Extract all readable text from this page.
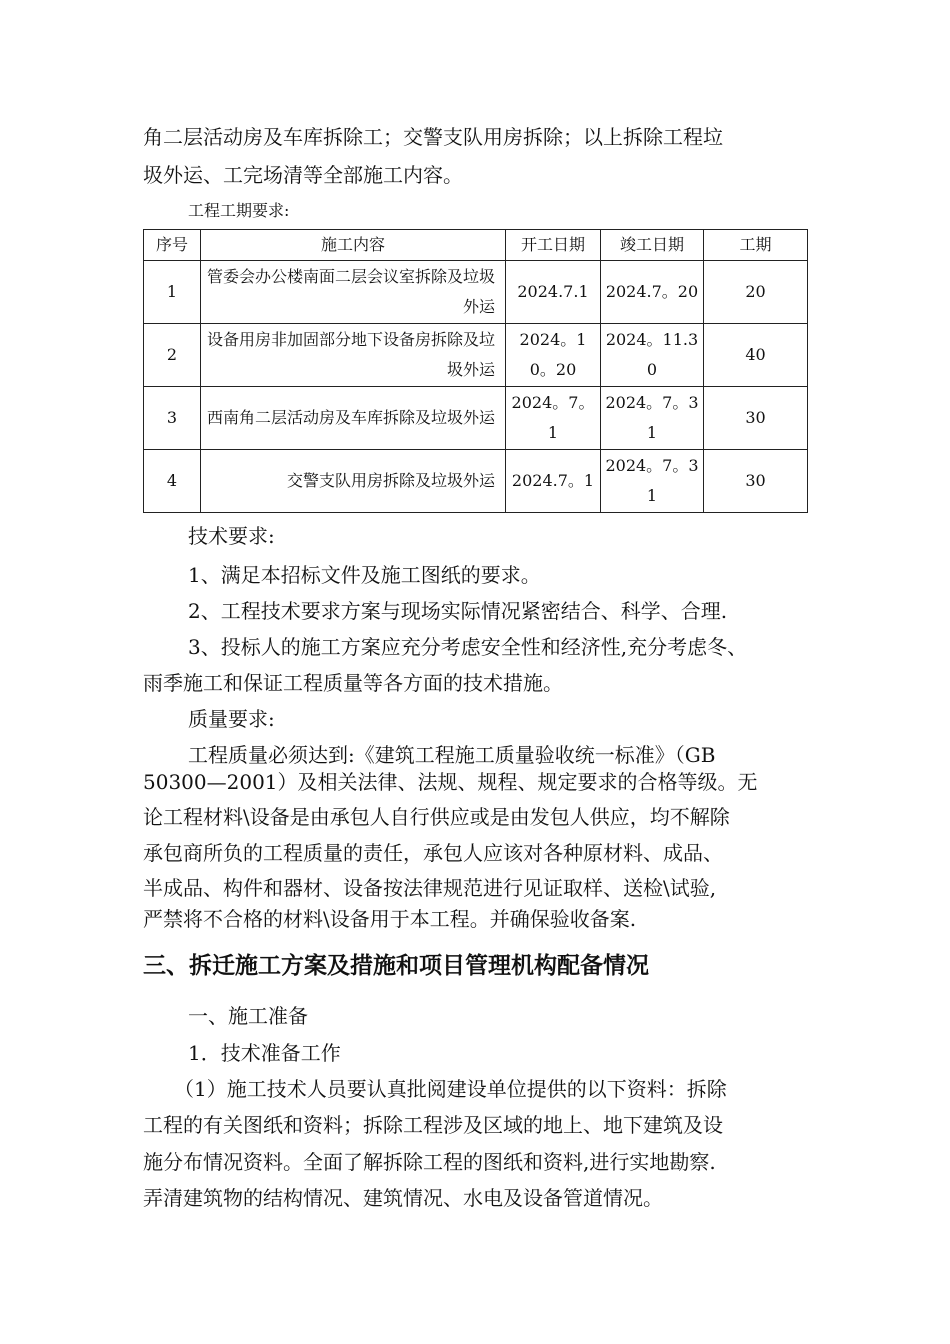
角二层活动房及车库拆除工；交警支队用房拆除；以上拆除工程垃
圾外运、工完场清等全部施工内容。
工程工期要求:
序号	施工内容	开工日期	竣工日期	工期
1	管委会办公楼南面二层会议室拆除及垃圾外运	2024.7.1	2024.7。20	20
2	设备用房非加固部分地下设备房拆除及垃圾外运	2024。10。20	2024。11.30	40
3	西南角二层活动房及车库拆除及垃圾外运	2024。7。1	2024。7。31	30
4	交警支队用房拆除及垃圾外运	2024.7。1	2024。7。31	30
技术要求:
1、满足本招标文件及施工图纸的要求。
2、工程技术要求方案与现场实际情况紧密结合、科学、合理.
3、投标人的施工方案应充分考虑安全性和经济性,充分考虑冬、
雨季施工和保证工程质量等各方面的技术措施。
质量要求:
工程质量必须达到:《建筑工程施工质量验收统一标准》（GB
50300—2001）及相关法律、法规、规程、规定要求的合格等级。无
论工程材料\设备是由承包人自行供应或是由发包人供应，均不解除
承包商所负的工程质量的责任，承包人应该对各种原材料、成品、
半成品、构件和器材、设备按法律规范进行见证取样、送检\试验,
严禁将不合格的材料\设备用于本工程。并确保验收备案.
三、拆迁施工方案及措施和项目管理机构配备情况
一、施工准备
1．技术准备工作
（1）施工技术人员要认真批阅建设单位提供的以下资料：拆除
工程的有关图纸和资料；拆除工程涉及区域的地上、地下建筑及设
施分布情况资料。全面了解拆除工程的图纸和资料,进行实地勘察.
弄清建筑物的结构情况、建筑情况、水电及设备管道情况。
